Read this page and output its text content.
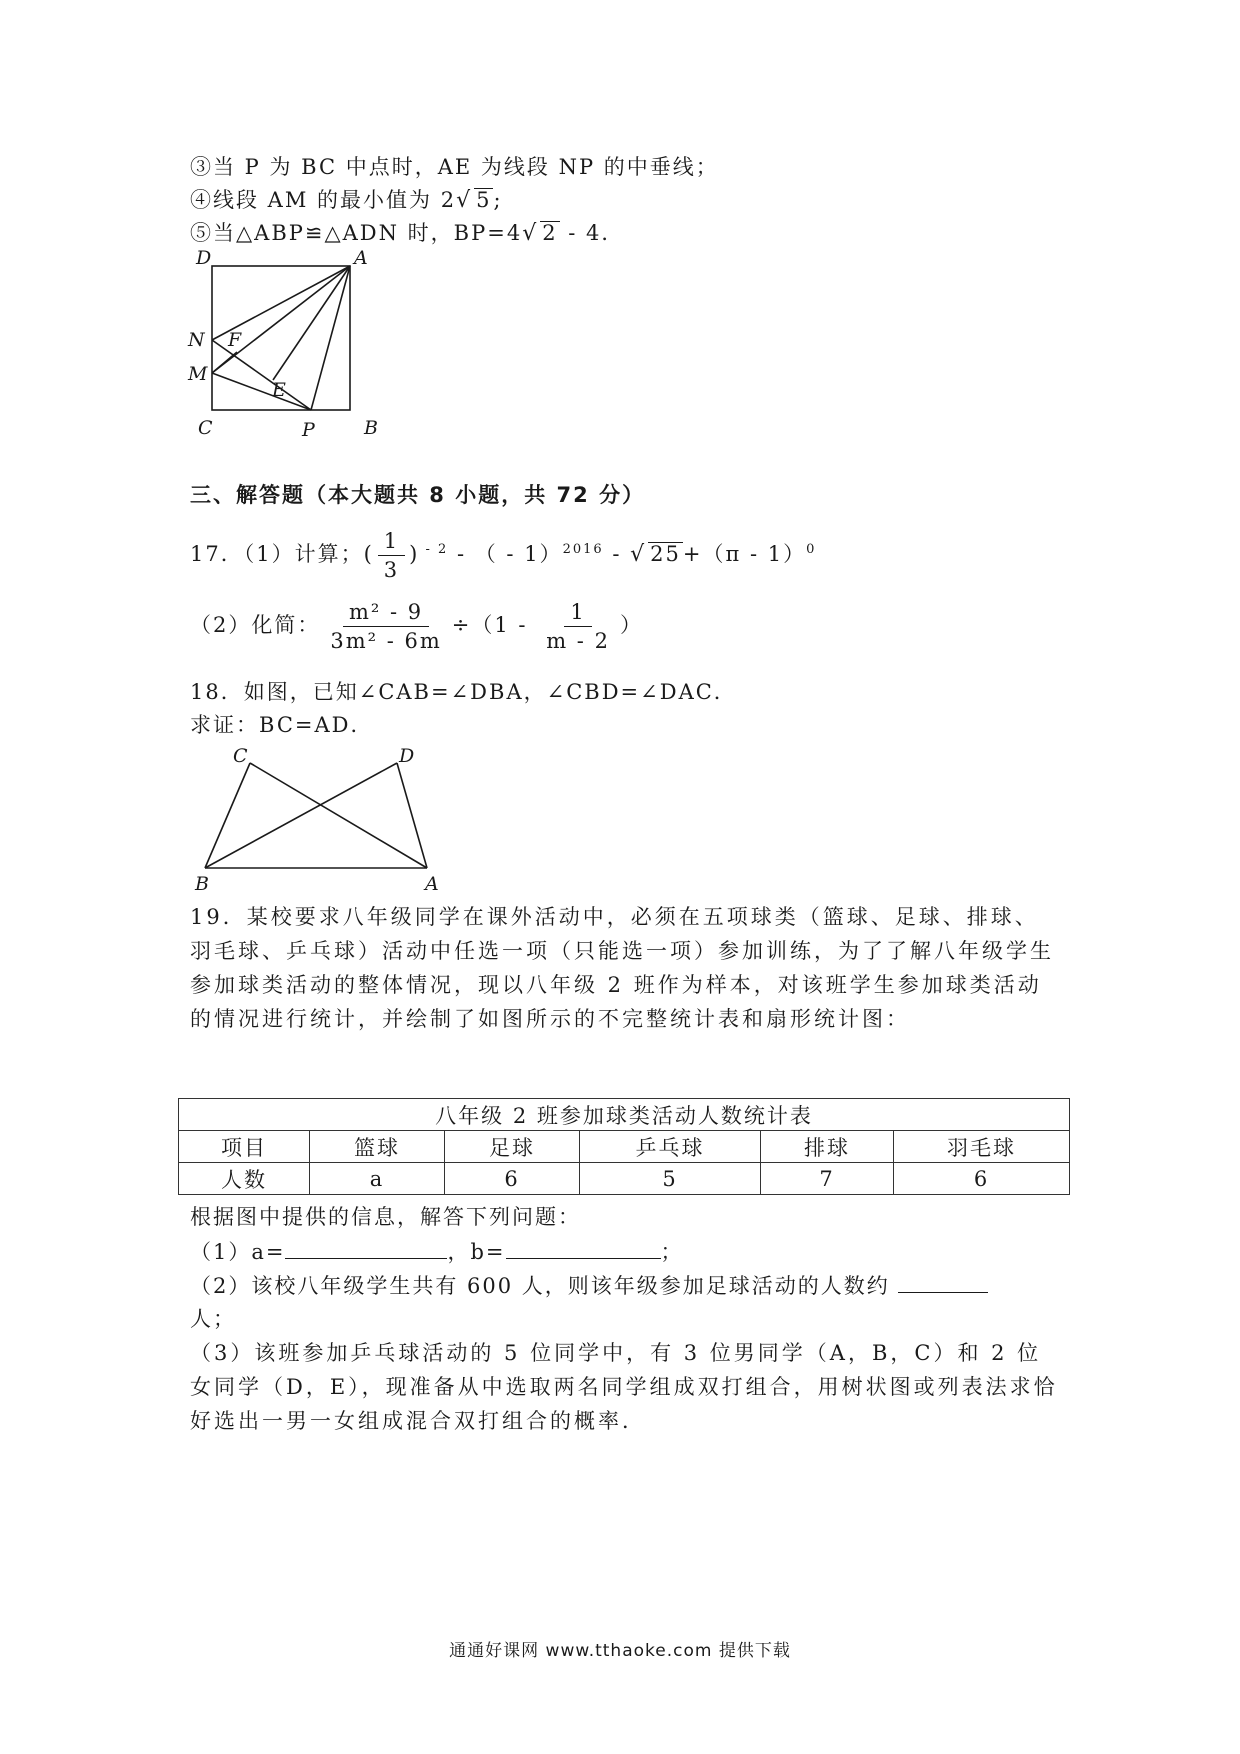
③当 P 为 BC 中点时，AE 为线段 NP 的中垂线；
④线段 AM 的最小值为 2√ 5;
⑤当△ABP≌△ADN 时，BP=4√ 2 - 4．
D	A
N F
M
E
C	P	B
三、解答题（本大题共 8 小题，共 72 分）
17．（1）计算；( $\frac{1}{3}$ ) $^{- 2}$ - （ - 1）$^{2016}$ - √ 25+（π - 1）$^0$
（2）化简： $\frac{\text{m² - 9}}{\text{3m² - 6m}} \div(1 - \frac{1}{m - 2}$ ）
18．如图，已知∠CAB=∠DBA，∠CBD=∠DAC．
求证：BC=AD．
C	D
B	A
19．某校要求八年级同学在课外活动中，必须在五项球类（篮球、足球、排球、羽毛球、乒乓球）活动中任选一项（只能选一项）参加训练，为了了解八年级学生参加球类活动的整体情况，现以八年级 2 班作为样本，对该班学生参加球类活动的情况进行统计，并绘制了如图所示的不完整统计表和扇形统计图：
八年级 2 班参加球类活动人数统计表					
项目	篮球	足球	乒乓球	排球	羽毛球
人数	a	6	5	7	6
根据图中提供的信息，解答下列问题：
（1）a=	，b=	；
（2）该校八年级学生共有 600 人，则该年级参加足球活动的人数约
人；
（3）该班参加乒乓球活动的 5 位同学中，有 3 位男同学（A，B，C）和 2 位女同学（D，E），现准备从中选取两名同学组成双打组合，用树状图或列表法求恰好选出一男一女组成混合双打组合的概率．
通通好课网 www.tthaoke.com 提供下载
